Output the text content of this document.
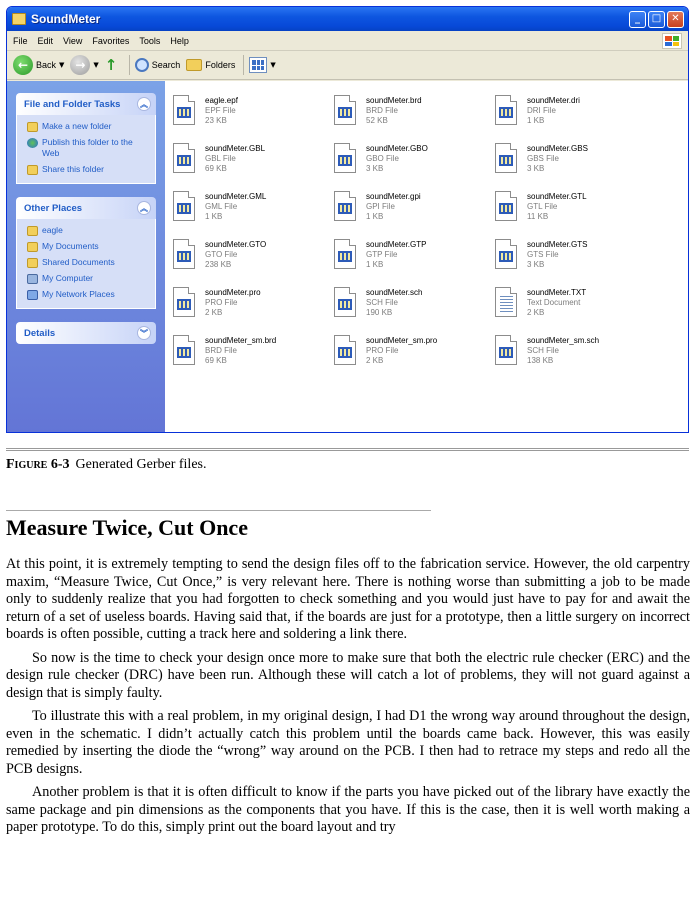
SoundMeter	_	□	✕
File Edit View Favorites Tools Help
← Back ▼ →	▼ ↑	Search	Folders	▼
File and Folder Tasks	︽
Make a new folder
Publish this folder to the Web
Share this folder
Other Places	︽
eagle
My Documents
Shared Documents
My Computer
My Network Places
Details	︾
eagle.epf
EPF File
23 KB
soundMeter.brd
BRD File
52 KB
soundMeter.dri
DRI File
1 KB
soundMeter.GBL
GBL File
69 KB
soundMeter.GBO
GBO File
3 KB
soundMeter.GBS
GBS File
3 KB
soundMeter.GML
GML File
1 KB
soundMeter.gpi
GPI File
1 KB
soundMeter.GTL
GTL File
11 KB
soundMeter.GTO
GTO File
238 KB
soundMeter.GTP
GTP File
1 KB
soundMeter.GTS
GTS File
3 KB
soundMeter.pro
PRO File
2 KB
soundMeter.sch
SCH File
190 KB
soundMeter.TXT
Text Document
2 KB
soundMeter_sm.brd
BRD File
69 KB
soundMeter_sm.pro
PRO File
2 KB
soundMeter_sm.sch
SCH File
138 KB
Figure 6-3 Generated Gerber files.
Measure Twice, Cut Once

At this point, it is extremely tempting to send the design files off to the fabrication service. However, the old carpentry maxim, “Measure Twice, Cut Once,” is very relevant here. There is nothing worse than submitting a job to be made only to suddenly realize that you had forgotten to check something and you would just have to pay for and await the return of a set of useless boards. Having said that, if the boards are just for a prototype, then a little surgery on incorrect boards is often possible, cutting a track here and soldering a link there.

So now is the time to check your design once more to make sure that both the electric rule checker (ERC) and the design rule checker (DRC) have been run. Although these will catch a lot of problems, they will not guard against a design that is simply faulty.

To illustrate this with a real problem, in my original design, I had D1 the wrong way around throughout the design, even in the schematic. I didn’t actually catch this problem until the boards came back. However, this was easily remedied by inserting the diode the “wrong” way around on the PCB. I then had to retrace my steps and redo all the PCB designs.

Another problem is that it is often difficult to know if the parts you have picked out of the library have exactly the same package and pin dimensions as the components that you have. If this is the case, then it is well worth making a paper prototype. To do this, simply print out the board layout and try
